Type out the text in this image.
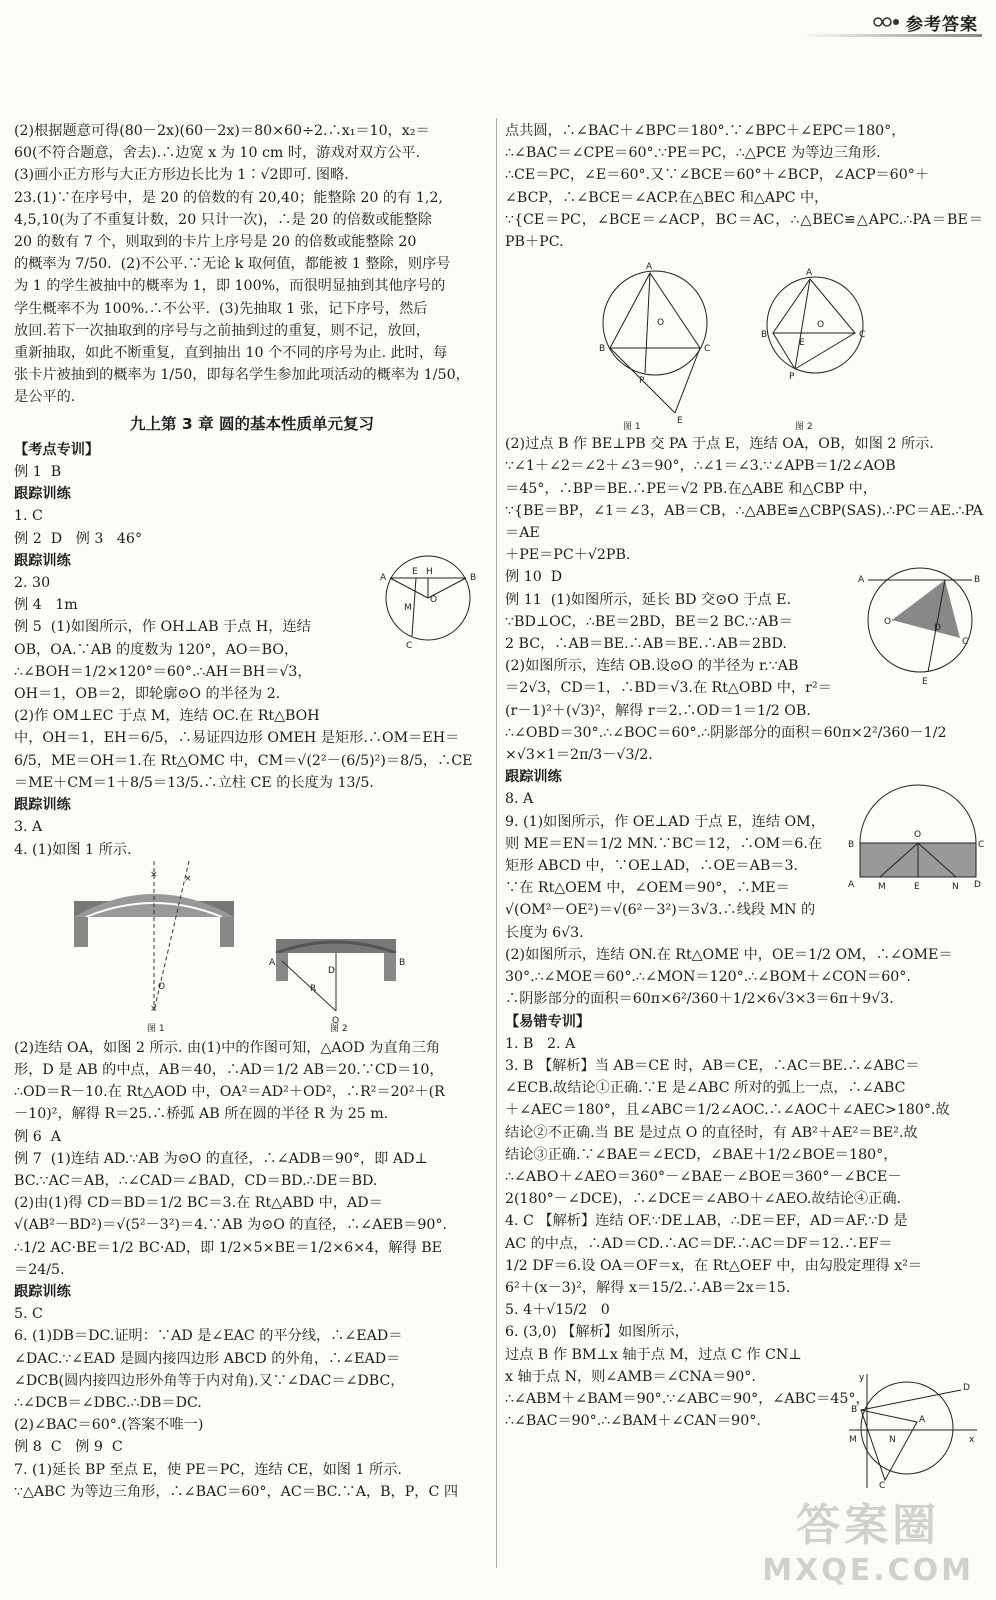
参考答案
(2)根据题意可得(80－2x)(60－2x)＝80×60÷2.∴x₁＝10，x₂＝
60(不符合题意，舍去).∴边宽 x 为 10 cm 时，游戏对双方公平.
(3)画小正方形与大正方形边长比为 1∶√2即可. 图略.
23.(1)∵在序号中，是 20 的倍数的有 20,40；能整除 20 的有 1,2,
4,5,10(为了不重复计数，20 只计一次)，∴是 20 的倍数或能整除
20 的数有 7 个，则取到的卡片上序号是 20 的倍数或能整除 20
的概率为 7/50.  (2)不公平.∵无论 k 取何值，都能被 1 整除，则序号
为 1 的学生被抽中的概率为 1，即 100%，而很明显抽到其他序号的
学生概率不为 100%.∴不公平.  (3)先抽取 1 张，记下序号，然后
放回.若下一次抽取到的序号与之前抽到过的重复，则不记，放回，
重新抽取，如此不断重复，直到抽出 10 个不同的序号为止. 此时，每
张卡片被抽到的概率为 1/50，即每名学生参加此项活动的概率为 1/50，
是公平的.
九上第 3 章 圆的基本性质单元复习
【考点专训】
例 1  B
跟踪训练
1. C
例 2  D   例 3   46°
跟踪训练
2. 30
例 4   1m
例 5  (1)如图所示，作 OH⊥AB 于点 H，连结
OB，OA.∵AB 的度数为 120°，AO＝BO，
∴∠BOH＝1/2×120°＝60°.∴AH＝BH＝√3，
OH＝1，OB＝2，即轮廓⊙O 的半径为 2.
(2)作 OM⊥EC 于点 M，连结 OC.在 Rt△BOH
中，OH＝1，EH＝6/5，∴易证四边形 OMEH 是矩形.∴OM＝EH＝
6/5，ME＝OH＝1.在 Rt△OMC 中，CM＝√(2²－(6/5)²)＝8/5，∴CE
＝ME＋CM＝1＋8/5＝13/5.∴立柱 CE 的长度为 13/5.
跟踪训练
3. A
4. (1)如图 1 所示.
O
×
×
×
A	B
D
R
O
图 1	图 2
(2)连结 OA，如图 2 所示. 由(1)中的作图可知，△AOD 为直角三角
形，D 是 AB 的中点，AB＝40，∴AD＝1/2 AB＝20.∵CD＝10，
∴OD＝R－10.在 Rt△AOD 中，OA²＝AD²＋OD²，∴R²＝20²＋(R
－10)²，解得 R＝25.∴桥弧 AB 所在圆的半径 R 为 25 m.
例 6  A
例 7  (1)连结 AD.∵AB 为⊙O 的直径，∴∠ADB＝90°，即 AD⊥
BC.∵AC＝AB，∴∠CAD＝∠BAD，CD＝BD.∴DE＝BD.
(2)由(1)得 CD＝BD＝1/2 BC＝3.在 Rt△ABD 中，AD＝
√(AB²－BD²)＝√(5²－3²)＝4.∵AB 为⊙O 的直径，∴∠AEB＝90°.
∴1/2 AC·BE＝1/2 BC·AD，即 1/2×5×BE＝1/2×6×4，解得 BE
＝24/5.
跟踪训练
5. C
6. (1)DB＝DC.证明：∵AD 是∠EAC 的平分线，∴∠EAD＝
∠DAC.∵∠EAD 是圆内接四边形 ABCD 的外角，∴∠EAD＝
∠DCB(圆内接四边形外角等于内对角).又∵∠DAC＝∠DBC，
∴∠DCB＝∠DBC.∴DB＝DC.
(2)∠BAC＝60°.(答案不唯一)
例 8  C   例 9  C
7. (1)延长 BP 至点 E，使 PE＝PC，连结 CE，如图 1 所示.
∵△ABC 为等边三角形，∴∠BAC＝60°，AC＝BC.∵A，B，P，C 四
A	B
E H
O
C
M
点共圆，∴∠BAC＋∠BPC＝180°.∵∠BPC＋∠EPC＝180°，
∴∠BAC＝∠CPE＝60°.∵PE＝PC，∴△PCE 为等边三角形.
∴CE＝PC，∠E＝60°.又∵∠BCE＝60°＋∠BCP，∠ACP＝60°＋
∠BCP，∴∠BCE＝∠ACP.在△BEC 和△APC 中，
∵{CE＝PC，∠BCE＝∠ACP，BC＝AC，∴△BEC≌△APC.∴PA＝BE＝PB＋PC.
A
B	C
P
E
O
A
B	C
P
O
E
图 1	图 2
(2)过点 B 作 BE⊥PB 交 PA 于点 E，连结 OA，OB，如图 2 所示.
∵∠1＋∠2＝∠2＋∠3＝90°，∴∠1＝∠3.∵∠APB＝1/2∠AOB
＝45°，∴BP＝BE.∴PE＝√2 PB.在△ABE 和△CBP 中，
∵{BE＝BP，∠1＝∠3，AB＝CB，∴△ABE≌△CBP(SAS).∴PC＝AE.∴PA＝AE
＋PE＝PC＋√2PB.
例 10  D
例 11  (1)如图所示，延长 BD 交⊙O 于点 E.
∵BD⊥OC，∴BE＝2BD，BE＝2 BC.∵AB＝
2 BC，∴AB＝BE.∴AB＝BE.∴AB＝2BD.
(2)如图所示，连结 OB.设⊙O 的半径为 r.∵AB
＝2√3，CD＝1，∴BD＝√3.在 Rt△OBD 中，r²＝
(r－1)²＋(√3)²，解得 r＝2.∴OD＝1＝1/2 OB.
∴∠OBD＝30°.∴∠BOC＝60°.∴阴影部分的面积＝60π×2²/360－1/2
×√3×1＝2π/3－√3/2.
跟踪训练
8. A
9. (1)如图所示，作 OE⊥AD 于点 E，连结 OM，
则 ME＝EN＝1/2 MN.∵BC＝12，∴OM＝6.在
矩形 ABCD 中，∵OE⊥AD，∴OE＝AB＝3.
∵在 Rt△OEM 中，∠OEM＝90°，∴ME＝
√(OM²－OE²)＝√(6²－3²)＝3√3.∴线段 MN 的
长度为 6√3.
(2)如图所示，连结 ON.在 Rt△OME 中，OE＝1/2 OM，∴∠OME＝
30°.∴∠MOE＝60°.∴∠MON＝120°.∴∠BOM＋∠CON＝60°.
∴阴影部分的面积＝60π×6²/360＋1/2×6√3×3＝6π＋9√3.
【易错专训】
1. B   2. A
3. B 【解析】当 AB＝CE 时，AB＝CE，∴AC＝BE.∴∠ABC＝
∠ECB.故结论①正确.∵E 是∠ABC 所对的弧上一点，∴∠ABC
＋∠AEC＝180°，且∠ABC＝1/2∠AOC.∴∠AOC＋∠AEC>180°.故
结论②不正确.当 BE 是过点 O 的直径时，有 AB²＋AE²＝BE².故
结论③正确.∵∠BAE＝∠ECD，∠BAE＋1/2∠BOE＝180°，
∴∠ABO＋∠AEO＝360°－∠BAE－∠BOE＝360°－∠BCE－
2(180°－∠DCE)，∴∠DCE＝∠ABO＋∠AEO.故结论④正确.
4. C 【解析】连结 OF.∵DE⊥AB，∴DE＝EF，AD＝AF.∵D 是
AC 的中点，∴AD＝CD.∴AC＝DF.∴AC＝DF＝12.∴EF＝
1/2 DF＝6.设 OA＝OF＝x，在 Rt△OEF 中，由勾股定理得 x²＝
6²＋(x－3)²，解得 x＝15/2.∴AB＝2x＝15.
5. 4＋√15/2   0
6. (3,0) 【解析】如图所示，
过点 B 作 BM⊥x 轴于点 M，过点 C 作 CN⊥
x 轴于点 N，则∠AMB＝∠CNA＝90°.
∴∠ABM＋∠BAM＝90°.∵∠ABC＝90°，∠ABC＝45°，
∴∠BAC＝90°.∴∠BAM＋∠CAN＝90°.
A	B
O
C
D
E
B
O
C
A	M	E	N D
B
A
C
D
x
y
M	N
答案圈
MXQE.COM
